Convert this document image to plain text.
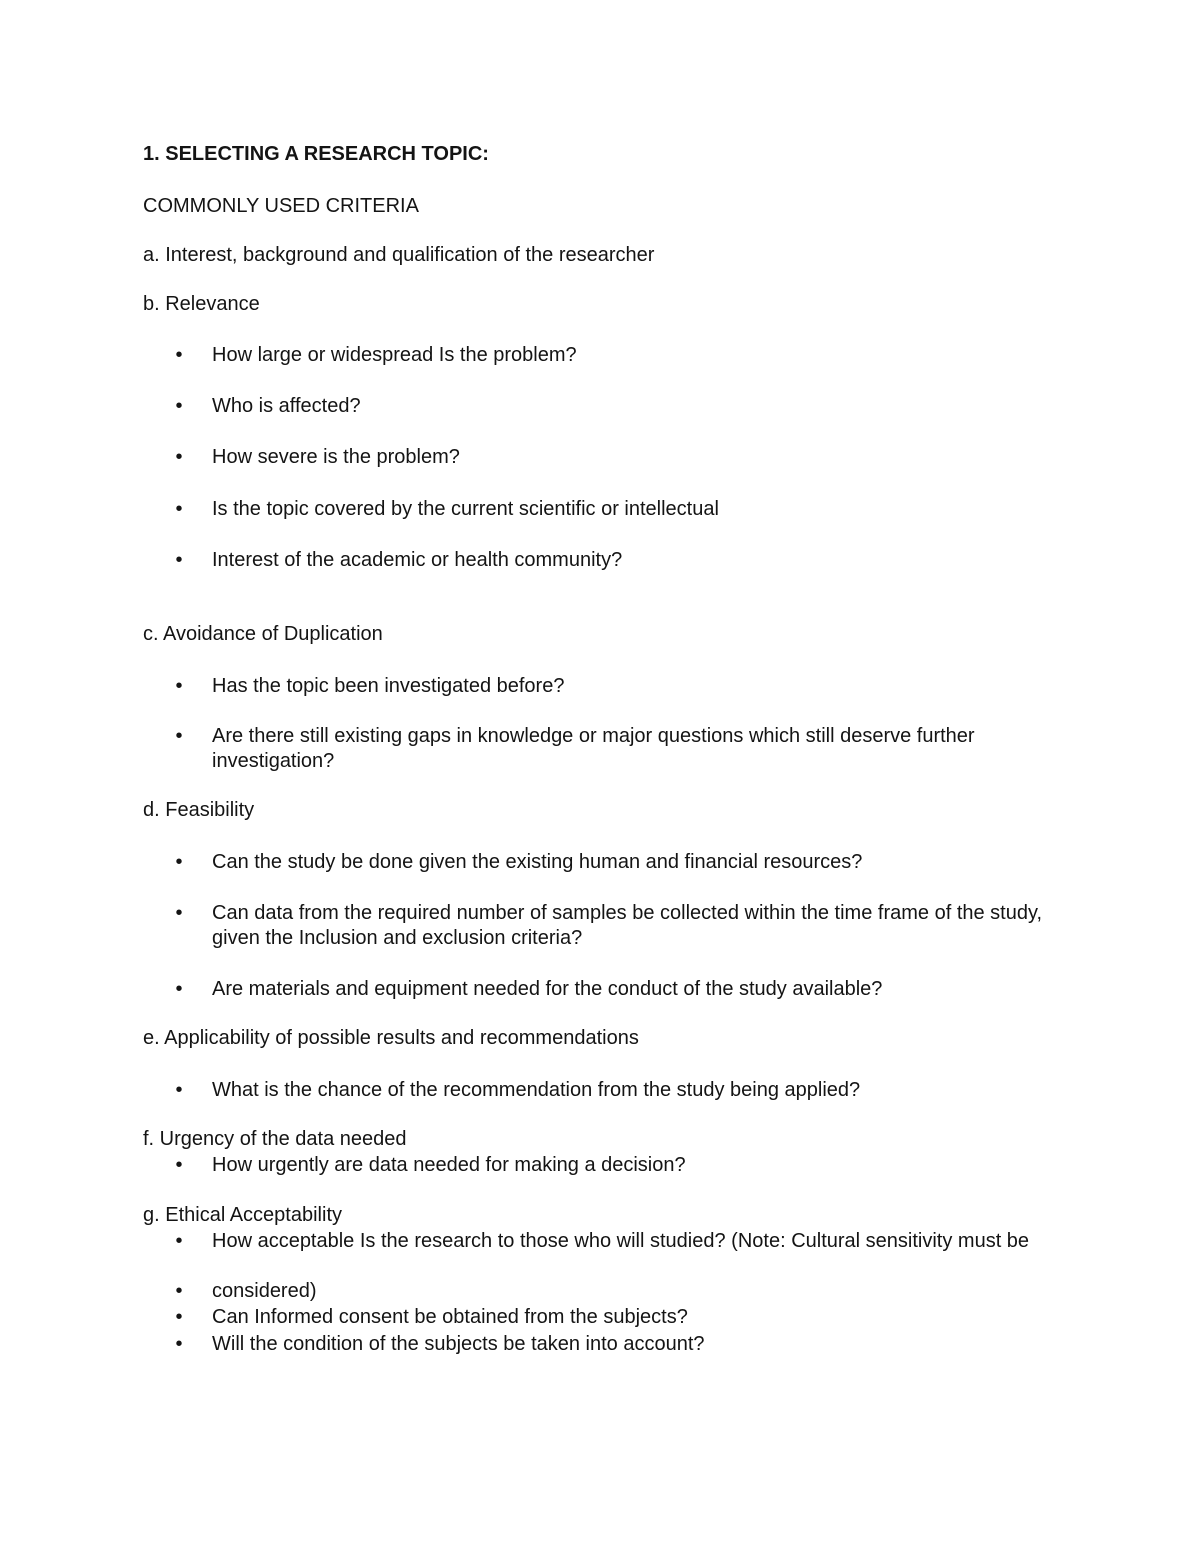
1. SELECTING A RESEARCH TOPIC:
COMMONLY USED CRITERIA
a. Interest, background and qualification of the researcher
b. Relevance
• How large or widespread Is the problem?
• Who is affected?
• How severe is the problem?
• Is the topic covered by the current scientific or intellectual
• Interest of the academic or health community?
c. Avoidance of Duplication
• Has the topic been investigated before?
• Are there still existing gaps in knowledge or major questions which still deserve further investigation?
d. Feasibility
• Can the study be done given the existing human and financial resources?
• Can data from the required number of samples be collected within the time frame of the study, given the Inclusion and exclusion criteria?
• Are materials and equipment needed for the conduct of the study available?
e. Applicability of possible results and recommendations
• What is the chance of the recommendation from the study being applied?
f. Urgency of the data needed
• How urgently are data needed for making a decision?
g. Ethical Acceptability
• How acceptable Is the research to those who will studied? (Note: Cultural sensitivity must be
• considered)
• Can Informed consent be obtained from the subjects?
• Will the condition of the subjects be taken into account?
